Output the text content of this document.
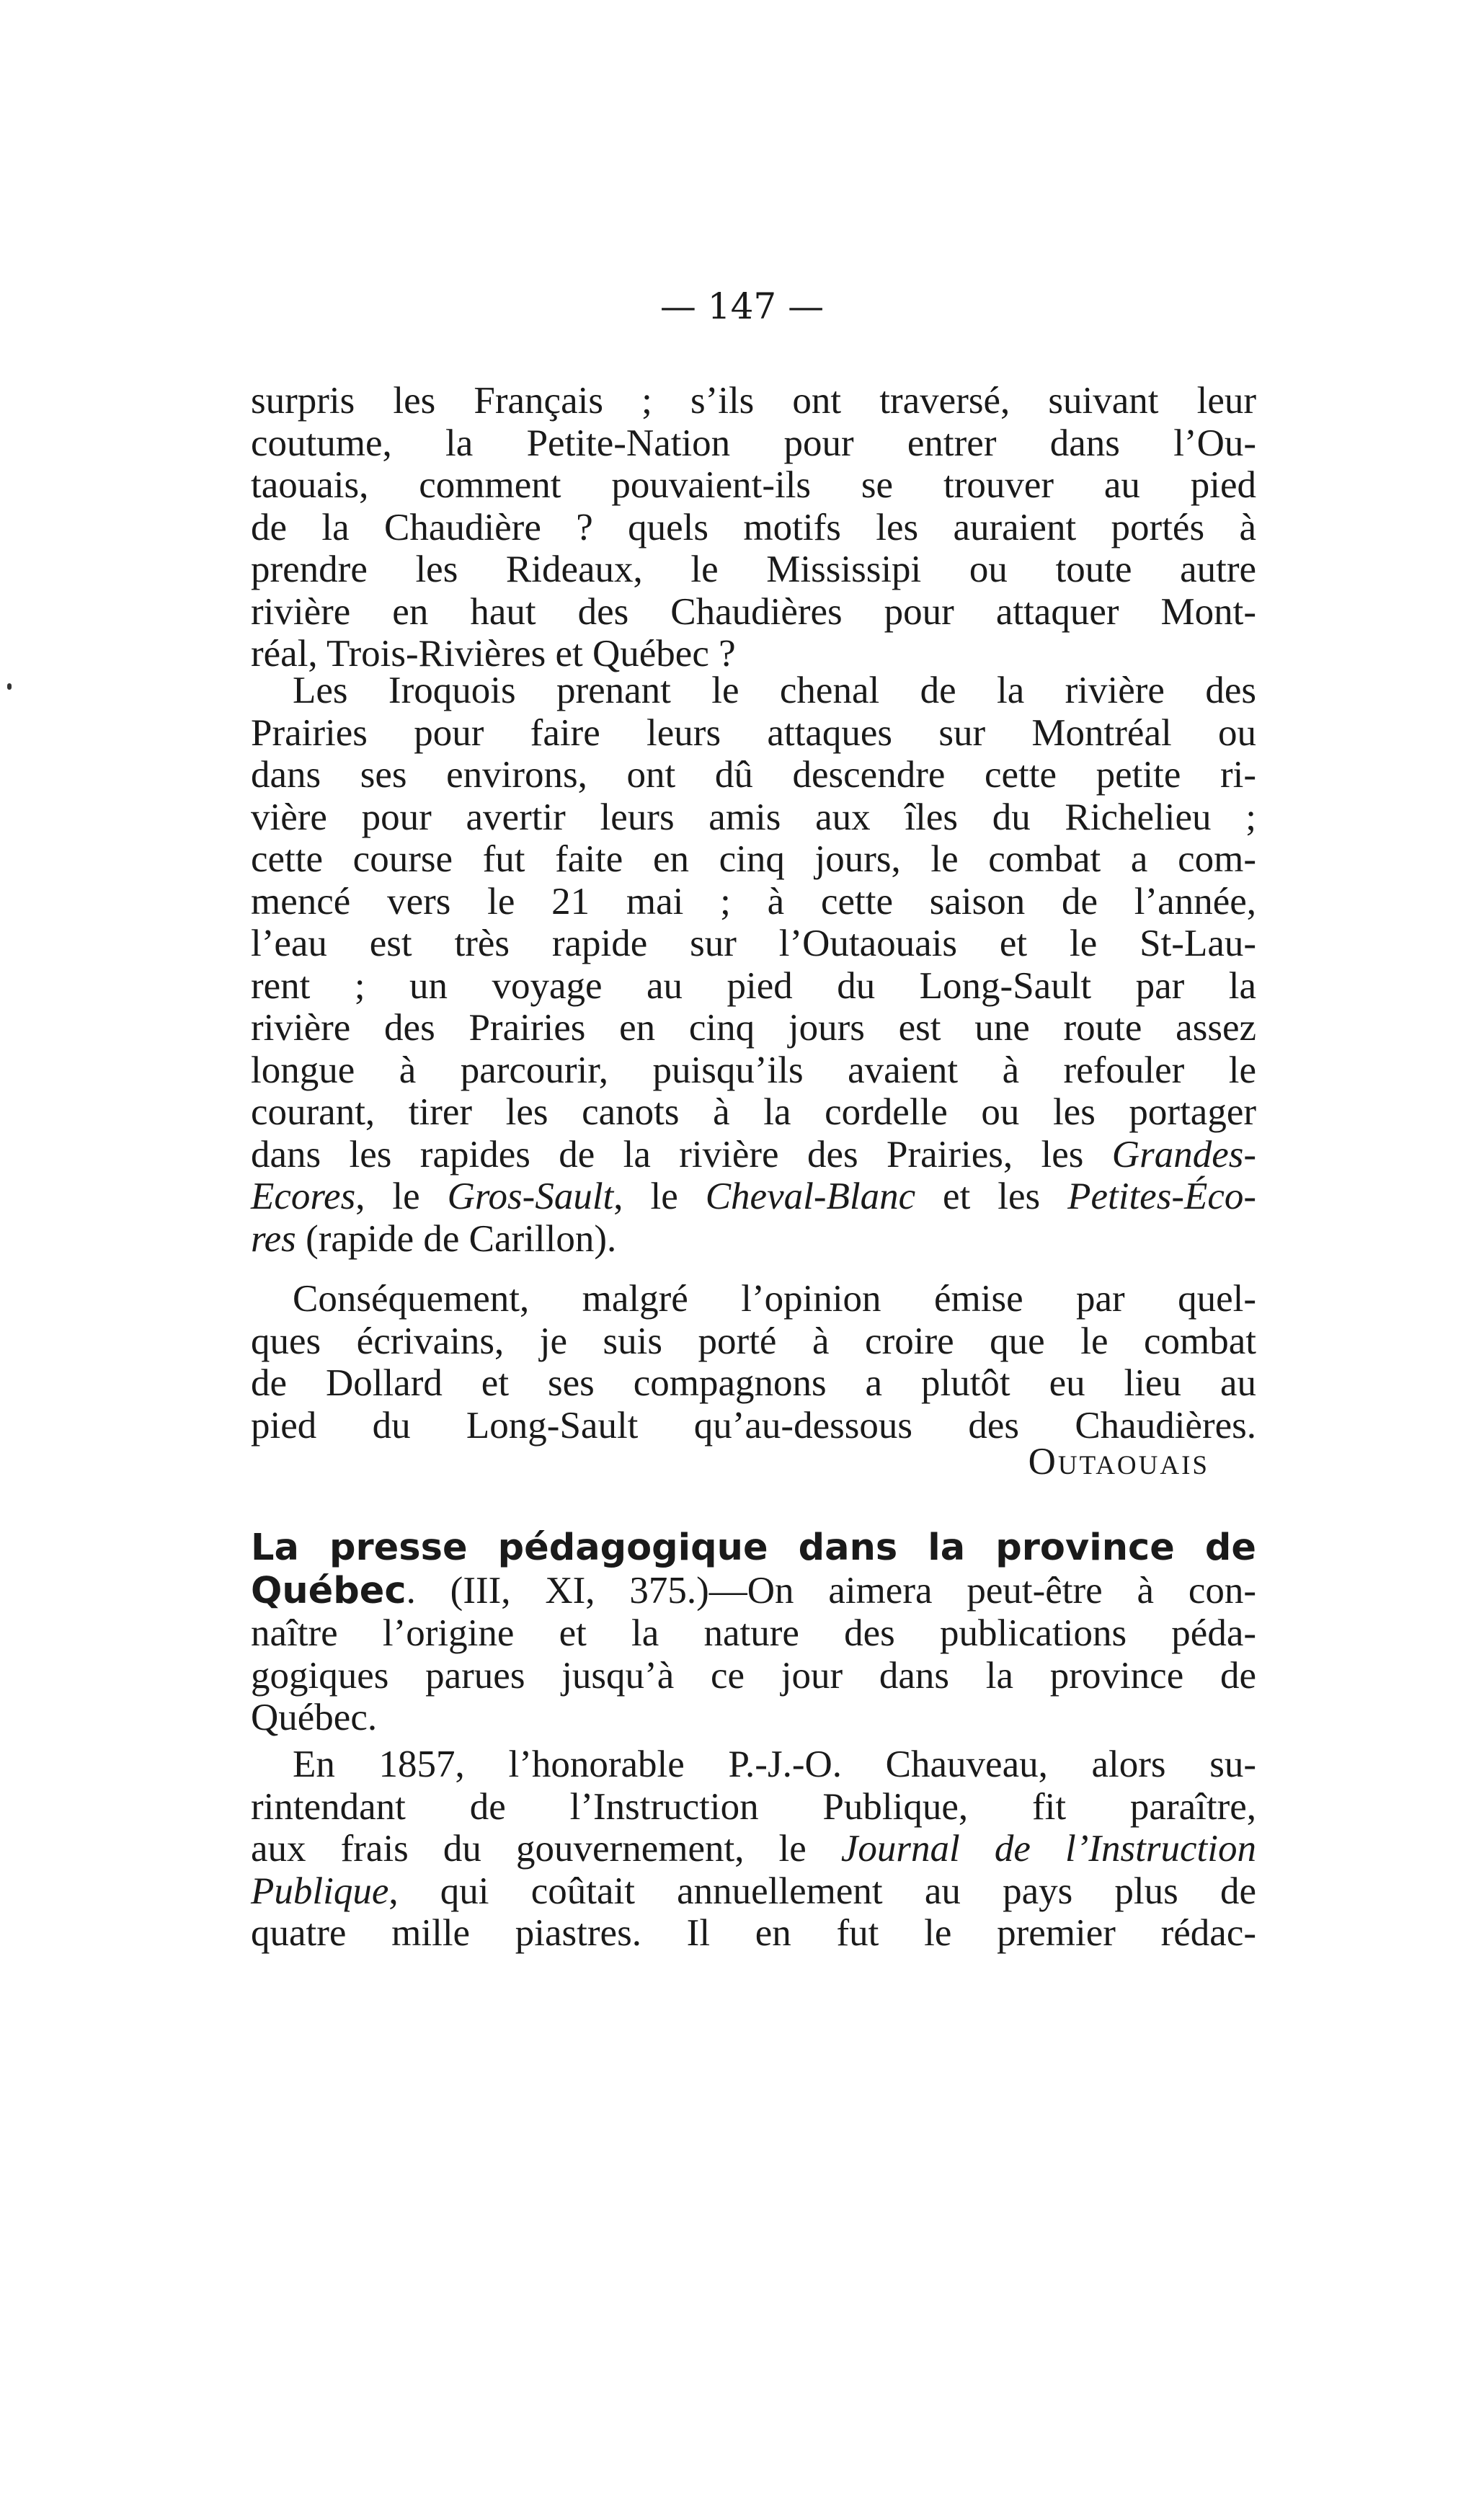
— 147 —

surpris les Français ; s’ils ont traversé, suivant leur

coutume, la Petite-Nation pour entrer dans l’Ou-

taouais, comment pouvaient-ils se trouver au pied

de la Chaudière ? quels motifs les auraient portés à

prendre les Rideaux, le Mississipi ou toute autre

rivière en haut des Chaudières pour attaquer Mont-

réal, Trois-Rivières et Québec ?

Les Iroquois prenant le chenal de la rivière des

Prairies pour faire leurs attaques sur Montréal ou

dans ses environs, ont dû descendre cette petite ri-

vière pour avertir leurs amis aux îles du Richelieu ;

cette course fut faite en cinq jours, le combat a com-

mencé vers le 21 mai ; à cette saison de l’année,

l’eau est très rapide sur l’Outaouais et le St-Lau-

rent ; un voyage au pied du Long-Sault par la

rivière des Prairies en cinq jours est une route assez

longue à parcourir, puisqu’ils avaient à refouler le

courant, tirer les canots à la cordelle ou les portager

dans les rapides de la rivière des Prairies, les Grandes-

Ecores, le Gros-Sault, le Cheval-Blanc et les Petites-Éco-

res (rapide de Carillon).

Conséquement, malgré l’opinion émise par quel-

ques écrivains, je suis porté à croire que le combat

de Dollard et ses compagnons a plutôt eu lieu au

pied du Long-Sault qu’au-dessous des Chaudières.

Outaouais

La presse pédagogique dans la province de

Québec. (III, XI, 375.)—On aimera peut-être à con-

naître l’origine et la nature des publications péda-

gogiques parues jusqu’à ce jour dans la province de

Québec.

En 1857, l’honorable P.-J.-O. Chauveau, alors su-

rintendant de l’Instruction Publique, fit paraître,

aux frais du gouvernement, le Journal de l’Instruction

Publique, qui coûtait annuellement au pays plus de

quatre mille piastres. Il en fut le premier rédac-
